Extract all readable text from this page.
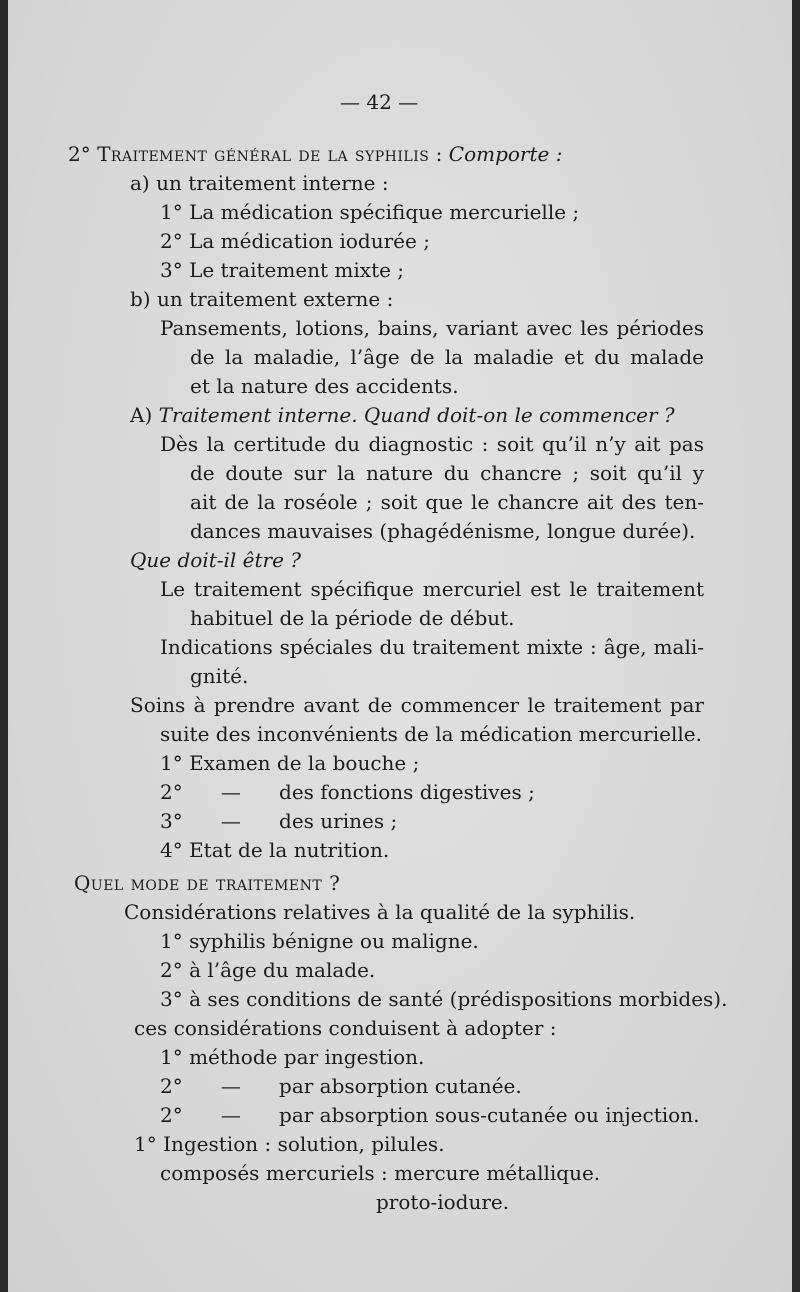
— 42 —
2° Traitement général de la syphilis : Comporte :
a) un traitement interne :
1° La médication spécifique mercurielle ;
2° La médication iodurée ;
3° Le traitement mixte ;
b) un traitement externe :
Pansements, lotions, bains, variant avec les périodes
de la maladie, l’âge de la maladie et du malade
et la nature des accidents.
A) Traitement interne. Quand doit-on le commencer ?
Dès la certitude du diagnostic : soit qu’il n’y ait pas
de doute sur la nature du chancre ; soit qu’il y
ait de la roséole ; soit que le chancre ait des ten-
dances mauvaises (phagédénisme, longue durée).
Que doit-il être ?
Le traitement spécifique mercuriel est le traitement
habituel de la période de début.
Indications spéciales du traitement mixte : âge, mali-
gnité.
Soins à prendre avant de commencer le traitement par
suite des inconvénients de la médication mercurielle.
1° Examen de la bouche ;
2°      —      des fonctions digestives ;
3°      —      des urines ;
4° Etat de la nutrition.
Quel mode de traitement ?
Considérations relatives à la qualité de la syphilis.
1° syphilis bénigne ou maligne.
2° à l’âge du malade.
3° à ses conditions de santé (prédispositions morbides).
ces considérations conduisent à adopter :
1° méthode par ingestion.
2°      —      par absorption cutanée.
2°      —      par absorption sous-cutanée ou injection.
1° Ingestion : solution, pilules.
composés mercuriels : mercure métallique.
proto-iodure.
